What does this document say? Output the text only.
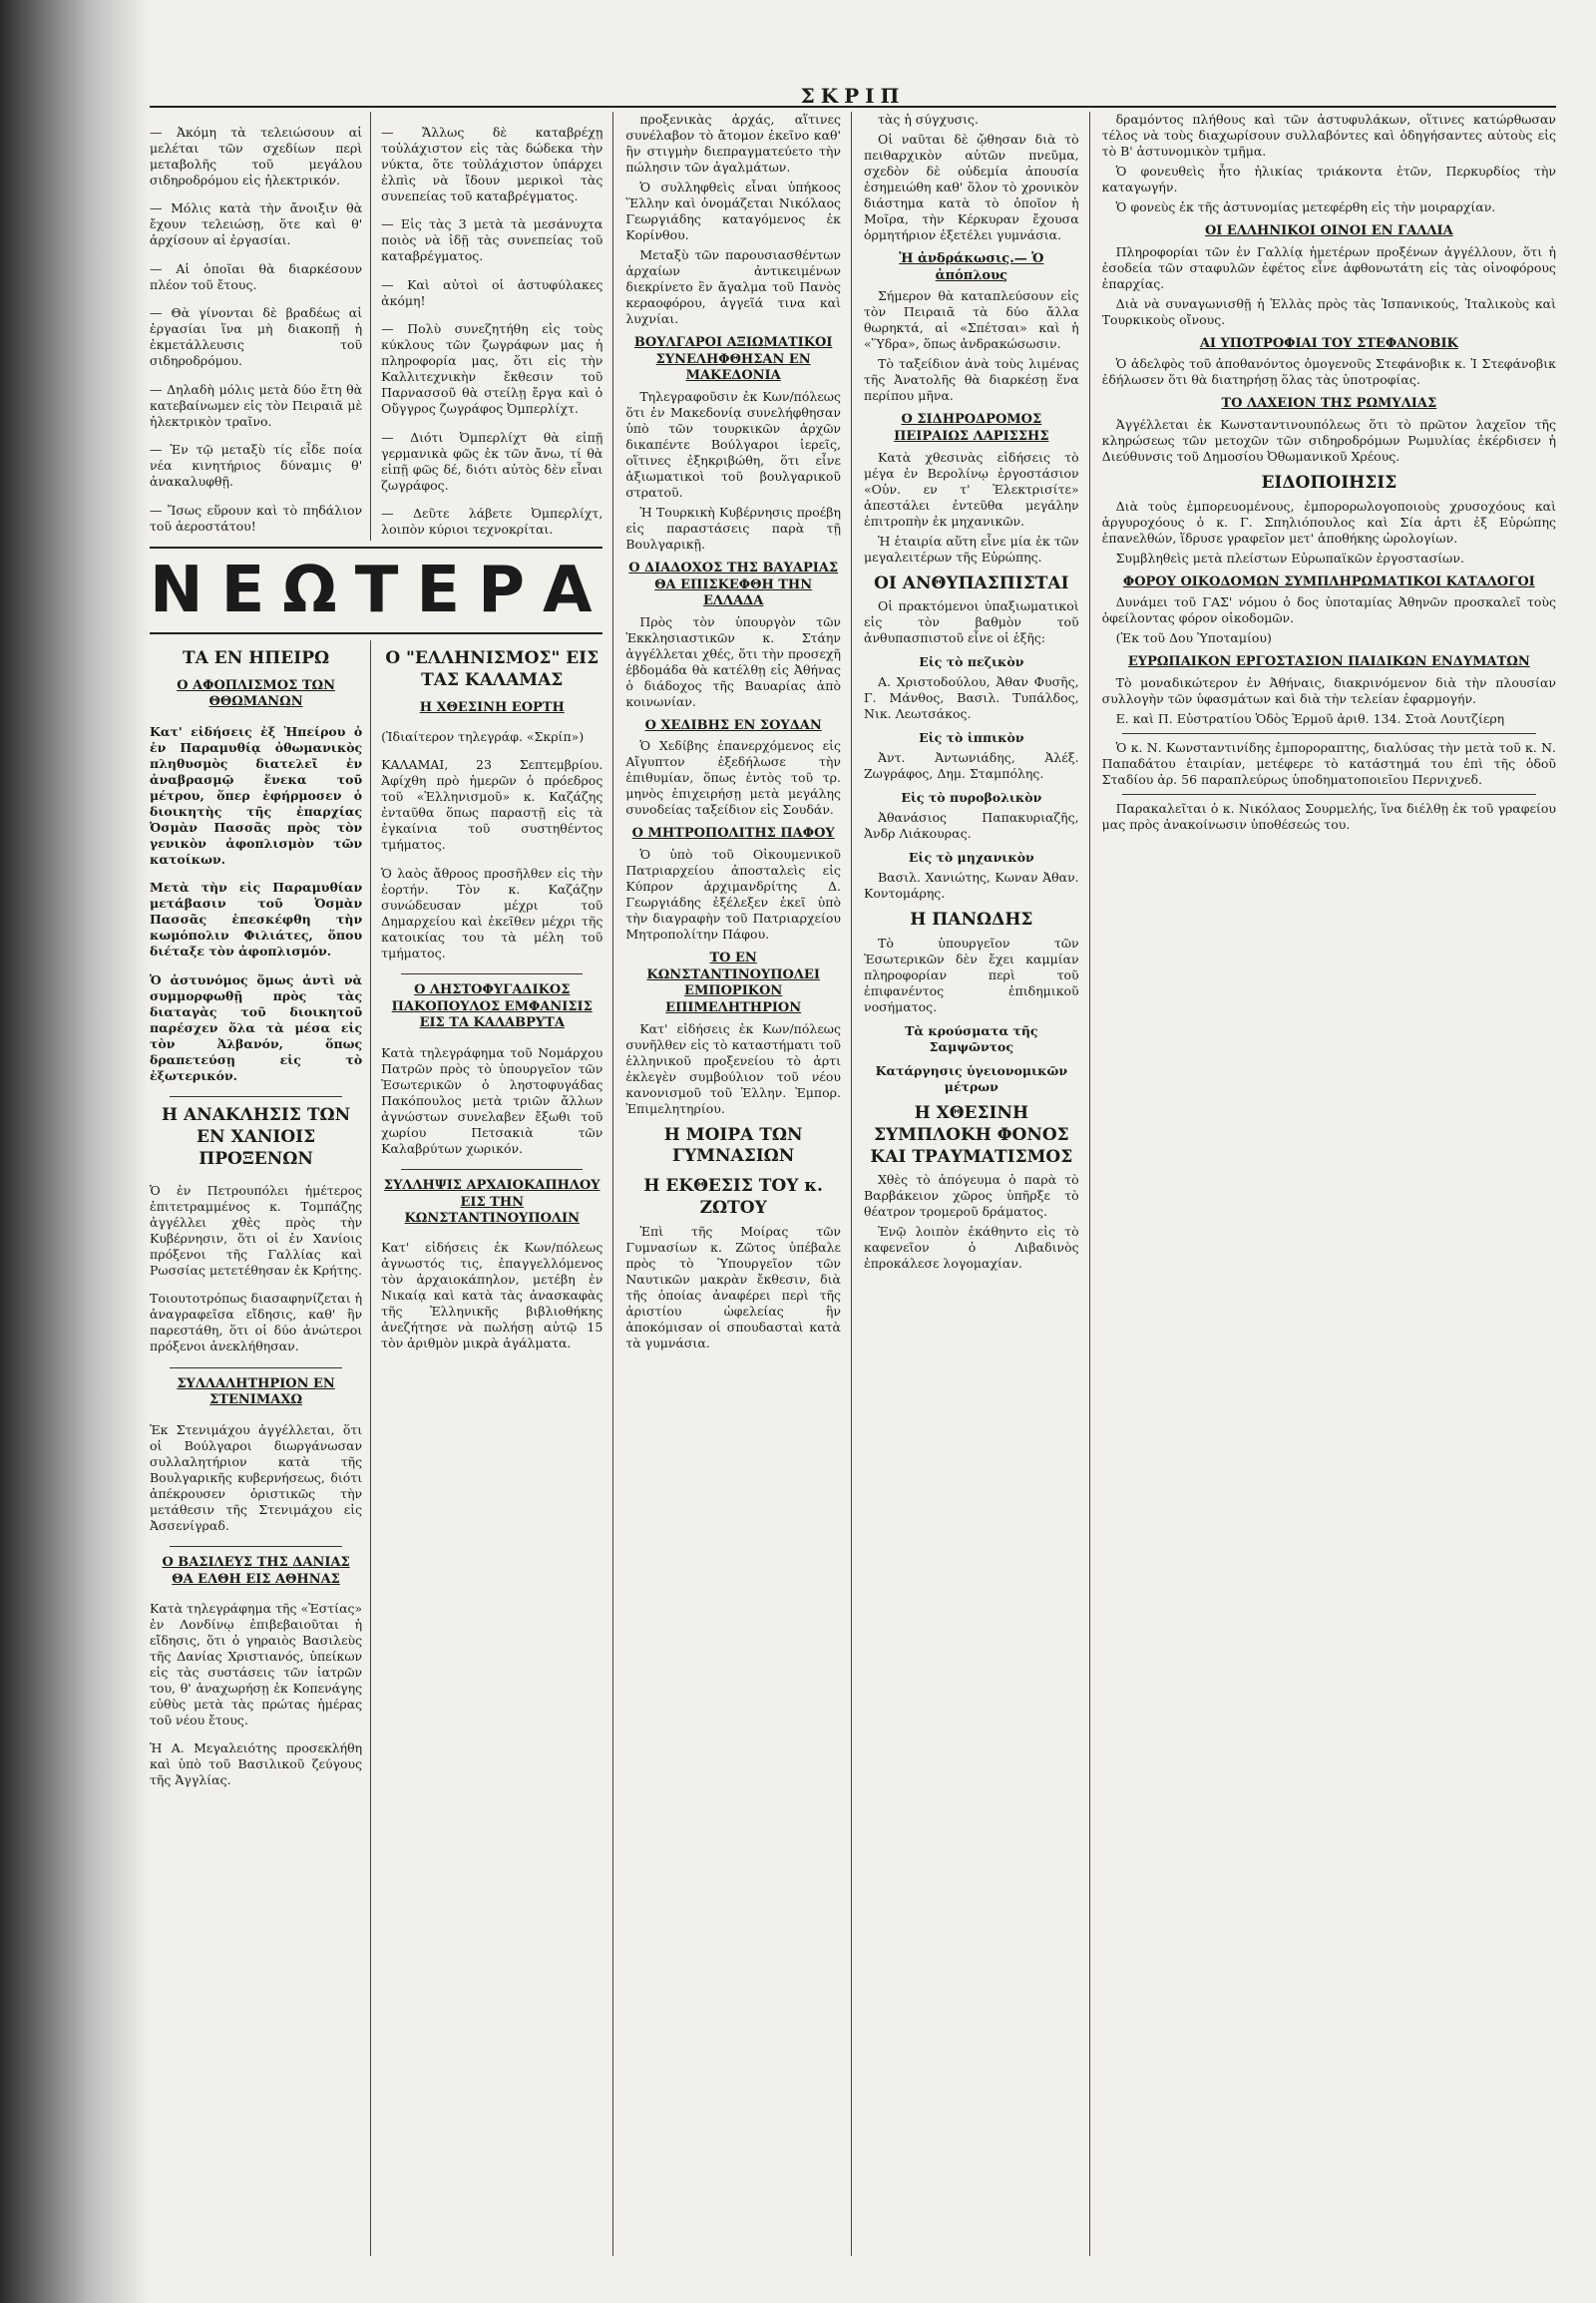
ΣΚΡΙΠ

— Ἀκόμη τὰ τελειώσουν αἱ μελέται τῶν σχεδίων περὶ μεταβολῆς τοῦ μεγάλου σιδηροδρόμου εἰς ἠλεκτρικόν.

— Μόλις κατὰ τὴν ἄνοιξιν θὰ ἔχουν τελειώσῃ, ὅτε καὶ θ' ἀρχίσουν αἱ ἐργασίαι.

— Αἱ ὁποῖαι θὰ διαρκέσουν πλέον τοῦ ἔτους.

— Θὰ γίνονται δὲ βραδέως αἱ ἐργασίαι ἵνα μὴ διακοπῇ ἡ ἐκμετάλλευσις τοῦ σιδηροδρόμου.

— Δηλαδὴ μόλις μετὰ δύο ἔτη θὰ κατεβαίνωμεν εἰς τὸν Πειραιᾶ μὲ ἠλεκτρικὸν τραῖνο.

— Ἐν τῷ μεταξὺ τίς εἶδε ποία νέα κινητήριος δύναμις θ' ἀνακαλυφθῇ.

— Ἴσως εὕρουν καὶ τὸ πηδάλιον τοῦ ἀεροστάτου!

— Ἄλλως δὲ καταβρέχῃ τοὐλάχιστον εἰς τὰς δώδεκα τὴν νύκτα, ὅτε τοὐλάχιστον ὑπάρχει ἐλπὶς νὰ ἴδουν μερικοὶ τὰς συνεπείας τοῦ καταβρέγματος.

— Εἰς τὰς 3 μετὰ τὰ μεσάνυχτα ποιὸς νὰ ἰδῇ τὰς συνεπείας τοῦ καταβρέγματος.

— Καὶ αὐτοὶ οἱ ἀστυφύλακες ἀκόμη!

— Πολὺ συνεζητήθη εἰς τοὺς κύκλους τῶν ζωγράφων μας ἡ πληροφορία μας, ὅτι εἰς τὴν Καλλιτεχνικὴν ἔκθεσιν τοῦ Παρνασσοῦ θὰ στείλῃ ἔργα καὶ ὁ Οὔγγρος ζωγράφος Ὀμπερλίχτ.

— Διότι Ὀμπερλίχτ θὰ εἰπῇ γερμανικὰ φῶς ἐκ τῶν ἄνω, τί θὰ εἰπῇ φῶς δέ, διότι αὐτὸς δὲν εἶναι ζωγράφος.

— Δεῦτε λάβετε Ὀμπερλίχτ, λοιπὸν κύριοι τεχνοκρίται.

ΝΕΩΤΕΡΑ
ΤΑ ΕΝ ΗΠΕΙΡΩ
Ο ΑΦΟΠΛΙΣΜΟΣ ΤΩΝ ΘΘΩΜΑΝΩΝ

Κατ' εἰδήσεις ἐξ Ἠπείρου ὁ ἐν Παραμυθίᾳ ὀθωμανικὸς πληθυσμὸς διατελεῖ ἐν ἀναβρασμῷ ἕνεκα τοῦ μέτρου, ὅπερ ἐφήρμοσεν ὁ διοικητὴς τῆς ἐπαρχίας Ὀσμὰν Πασσᾶς πρὸς τὸν γενικὸν ἀφοπλισμὸν τῶν κατοίκων.

Μετὰ τὴν εἰς Παραμυθίαν μετάβασιν τοῦ Ὀσμὰν Πασσᾶς ἐπεσκέφθη τὴν κωμόπολιν Φιλιάτες, ὅπου διέταξε τὸν ἀφοπλισμόν.

Ὁ ἀστυνόμος ὅμως ἀντὶ νὰ συμμορφωθῇ πρὸς τὰς διαταγὰς τοῦ διοικητοῦ παρέσχεν ὅλα τὰ μέσα εἰς τὸν Ἀλβανόν, ὅπως δραπετεύσῃ εἰς τὸ ἐξωτερικόν.

Η ΑΝΑΚΛΗΣΙΣ ΤΩΝ ΕΝ ΧΑΝΙΟΙΣ ΠΡΟΞΕΝΩΝ

Ὁ ἐν Πετρουπόλει ἡμέτερος ἐπιτετραμμένος κ. Τομπάζης ἀγγέλλει χθὲς πρὸς τὴν Κυβέρνησιν, ὅτι οἱ ἐν Χανίοις πρόξενοι τῆς Γαλλίας καὶ Ρωσσίας μετετέθησαν ἐκ Κρήτης.

Τοιουτοτρόπως διασαφηνίζεται ἡ ἀναγραφεῖσα εἴδησις, καθ' ἣν παρεστάθη, ὅτι οἱ δύο ἀνώτεροι πρόξενοι ἀνεκλήθησαν.

ΣΥΛΛΑΛΗΤΗΡΙΟΝ ΕΝ ΣΤΕΝΙΜΑΧΩ

Ἐκ Στενιμάχου ἀγγέλλεται, ὅτι οἱ Βούλγαροι διωργάνωσαν συλλαλητήριον κατὰ τῆς Βουλγαρικῆς κυβερνήσεως, διότι ἀπέκρουσεν ὁριστικῶς τὴν μετάθεσιν τῆς Στενιμάχου εἰς Ἀσσενίγραδ.

Ο ΒΑΣΙΛΕΥΣ ΤΗΣ ΔΑΝΙΑΣ ΘΑ ΕΛΘΗ ΕΙΣ ΑΘΗΝΑΣ

Κατὰ τηλεγράφημα τῆς «Ἑστίας» ἐν Λονδίνῳ ἐπιβεβαιοῦται ἡ εἴδησις, ὅτι ὁ γηραιὸς Βασιλεὺς τῆς Δανίας Χριστιανός, ὑπείκων εἰς τὰς συστάσεις τῶν ἰατρῶν του, θ' ἀναχωρήσῃ ἐκ Κοπενάγης εὐθὺς μετὰ τὰς πρώτας ἡμέρας τοῦ νέου ἔτους.

Ἡ Α. Μεγαλειότης προσεκλήθη καὶ ὑπὸ τοῦ Βασιλικοῦ ζεύγους τῆς Ἀγγλίας.

Ο "ΕΛΛΗΝΙΣΜΟΣ" ΕΙΣ ΤΑΣ ΚΑΛΑΜΑΣ
Η ΧΘΕΣΙΝΗ ΕΟΡΤΗ

(Ἰδιαίτερον τηλεγράφ. «Σκρίπ»)

ΚΑΛΑΜΑΙ, 23 Σεπτεμβρίου. Ἀφίχθη πρὸ ἡμερῶν ὁ πρόεδρος τοῦ «Ἑλληνισμοῦ» κ. Καζάζης ἐνταῦθα ὅπως παραστῇ εἰς τὰ ἐγκαίνια τοῦ συστηθέντος τμήματος.

Ὁ λαὸς ἄθροος προσῆλθεν εἰς τὴν ἑορτήν. Τὸν κ. Καζάζην συνώδευσαν μέχρι τοῦ Δημαρχείου καὶ ἐκεῖθεν μέχρι τῆς κατοικίας του τὰ μέλη τοῦ τμήματος.

Ο ΛΗΣΤΟΦΥΓΑΔΙΚΟΣ ΠΑΚΟΠΟΥΛΟΣ ΕΜΦΑΝΙΣΙΣ ΕΙΣ ΤΑ ΚΑΛΑΒΡΥΤΑ

Κατὰ τηλεγράφημα τοῦ Νομάρχου Πατρῶν πρὸς τὸ ὑπουργεῖον τῶν Ἐσωτερικῶν ὁ ληστοφυγάδας Πακόπουλος μετὰ τριῶν ἄλλων ἀγνώστων συνελαβεν ἔξωθι τοῦ χωρίου Πετσακιὰ τῶν Καλαβρύτων χωρικόν.

ΣΥΛΛΗΨΙΣ ΑΡΧΑΙΟΚΑΠΗΛΟΥ ΕΙΣ ΤΗΝ ΚΩΝΣΤΑΝΤΙΝΟΥΠΟΛΙΝ

Κατ' εἰδήσεις ἐκ Κων/πόλεως ἀγνωστός τις, ἐπαγγελλόμενος τὸν ἀρχαιοκάπηλον, μετέβη ἐν Νικαίᾳ καὶ κατὰ τὰς ἀνασκαφὰς τῆς Ἑλληνικῆς βιβλιοθήκης ἀνεζήτησε νὰ πωλήσῃ αὐτῷ 15 τὸν ἀριθμὸν μικρὰ ἀγάλματα.

προξενικὰς ἀρχάς, αἵτινες συνέλαβον τὸ ἄτομον ἐκεῖνο καθ' ἣν στιγμὴν διεπραγματεύετο τὴν πώλησιν τῶν ἀγαλμάτων.

Ὁ συλληφθεὶς εἶναι ὑπήκοος Ἕλλην καὶ ὀνομάζεται Νικόλαος Γεωργιάδης καταγόμενος ἐκ Κορίνθου.

Μεταξὺ τῶν παρουσιασθέντων ἀρχαίων ἀντικειμένων διεκρίνετο ἓν ἄγαλμα τοῦ Πανὸς κεραοφόρου, ἀγγεῖά τινα καὶ λυχνίαι.

ΒΟΥΛΓΑΡΟΙ ΑΞΙΩΜΑΤΙΚΟΙ ΣΥΝΕΛΗΦΘΗΣΑΝ ΕΝ ΜΑΚΕΔΟΝΙΑ

Τηλεγραφοῦσιν ἐκ Κων/πόλεως ὅτι ἐν Μακεδονίᾳ συνελήφθησαν ὑπὸ τῶν τουρκικῶν ἀρχῶν δικαπέντε Βούλγαροι ἱερεῖς, οἵτινες ἐξηκριβώθη, ὅτι εἶνε ἀξιωματικοὶ τοῦ βουλγαρικοῦ στρατοῦ.

Ἡ Τουρκικὴ Κυβέρνησις προέβη εἰς παραστάσεις παρὰ τῇ Βουλγαρικῇ.

Ο ΔΙΑΔΟΧΟΣ ΤΗΣ ΒΑΥΑΡΙΑΣ ΘΑ ΕΠΙΣΚΕΦΘΗ ΤΗΝ ΕΛΛΑΔΑ

Πρὸς τὸν ὑπουργὸν τῶν Ἐκκλησιαστικῶν κ. Στάην ἀγγέλλεται χθές, ὅτι τὴν προσεχῆ ἑβδομάδα θὰ κατέλθῃ εἰς Ἀθήνας ὁ διάδοχος τῆς Βαυαρίας ἀπὸ κοινωνίαν.

Ο ΧΕΔΙΒΗΣ ΕΝ ΣΟΥΔΑΝ

Ὁ Χεδίβης ἐπανερχόμενος εἰς Αἴγυπτον ἐξεδήλωσε τὴν ἐπιθυμίαν, ὅπως ἐντὸς τοῦ τρ. μηνὸς ἐπιχειρήσῃ μετὰ μεγάλης συνοδείας ταξείδιον εἰς Σουδάν.

Ο ΜΗΤΡΟΠΟΛΙΤΗΣ ΠΑΦΟΥ

Ὁ ὑπὸ τοῦ Οἰκουμενικοῦ Πατριαρχείου ἀποσταλεὶς εἰς Κύπρον ἀρχιμανδρίτης Δ. Γεωργιάδης ἐξέλεξεν ἐκεῖ ὑπὸ τὴν διαγραφὴν τοῦ Πατριαρχείου Μητροπολίτην Πάφου.

ΤΟ ΕΝ ΚΩΝΣΤΑΝΤΙΝΟΥΠΟΛΕΙ ΕΜΠΟΡΙΚΟΝ ΕΠΙΜΕΛΗΤΗΡΙΟΝ

Κατ' εἰδήσεις ἐκ Κων/πόλεως συνῆλθεν εἰς τὸ καταστήματι τοῦ ἑλληνικοῦ προξενείου τὸ ἀρτι ἐκλεγὲν συμβούλιον τοῦ νέου κανονισμοῦ τοῦ Ἑλλην. Ἐμπορ. Ἐπιμελητηρίου.

Η ΜΟΙΡΑ ΤΩΝ ΓΥΜΝΑΣΙΩΝ
Η ΕΚΘΕΣΙΣ ΤΟΥ κ. ΖΩΤΟΥ

Ἐπὶ τῆς Μοίρας τῶν Γυμνασίων κ. Ζῶτος ὑπέβαλε πρὸς τὸ Ὑπουργεῖον τῶν Ναυτικῶν μακρὰν ἔκθεσιν, διὰ τῆς ὁποίας ἀναφέρει περὶ τῆς ἀριστίου ὠφελείας ἣν ἀποκόμισαν οἱ σπουδασταὶ κατὰ τὰ γυμνάσια.

τὰς ἡ σύγχυσις.

Οἱ ναῦται δὲ ᾤθησαν διὰ τὸ πειθαρχικὸν αὐτῶν πνεῦμα, σχεδὸν δὲ οὐδεμία ἀπουσία ἐσημειώθη καθ' ὅλον τὸ χρονικὸν διάστημα κατὰ τὸ ὁποῖον ἡ Μοῖρα, τὴν Κέρκυραν ἔχουσα ὁρμητήριον ἐξετέλει γυμνάσια.

Ἡ ἀνδράκωσις.— Ὁ ἀπόπλους

Σήμερον θὰ καταπλεύσουν εἰς τὸν Πειραιᾶ τὰ δύο ἄλλα θωρηκτά, αἱ «Σπέτσαι» καὶ ἡ «Ὕδρα», ὅπως ἀνδρακώσωσιν.

Τὸ ταξείδιον ἀνὰ τοὺς λιμένας τῆς Ἀνατολῆς θὰ διαρκέσῃ ἕνα περίπου μῆνα.

Ο ΣΙΔΗΡΟΔΡΟΜΟΣ ΠΕΙΡΑΙΩΣ ΛΑΡΙΣΣΗΣ

Κατὰ χθεσινὰς εἰδήσεις τὸ μέγα ἐν Βερολίνῳ ἐργοστάσιον «Οὐν. εν τ' Ἐλεκτρισίτε» ἀπεστάλει ἐντεῦθα μεγάλην ἐπιτροπὴν ἐκ μηχανικῶν.

Ἡ ἑταιρία αὕτη εἶνε μία ἐκ τῶν μεγαλειτέρων τῆς Εὐρώπης.

ΟΙ ΑΝΘΥΠΑΣΠΙΣΤΑΙ

Οἱ πρακτόμενοι ὑπαξιωματικοὶ εἰς τὸν βαθμὸν τοῦ ἀνθυπασπιστοῦ εἶνε οἱ ἑξῆς:

Εἰς τὸ πεζικὸν

Α. Χριστοδούλου, Ἀθαν Φυσῆς, Γ. Μάνθος, Βασιλ. Τυπάλδος, Νικ. Λεωτσάκος.

Εἰς τὸ ἱππικὸν

Ἀντ. Ἀντωνιάδης, Ἀλέξ. Ζωγράφος, Δημ. Σταμπόλης.

Εἰς τὸ πυροβολικὸν

Ἀθανάσιος Παπακυριαζῆς, Ἀνδρ Λιάκουρας.

Εἰς τὸ μηχανικὸν

Βασιλ. Χανιώτης, Κωναν Ἀθαν. Κοντομάρης.

Η ΠΑΝΩΔΗΣ

Τὸ ὑπουργεῖον τῶν Ἐσωτερικῶν δὲν ἔχει καμμίαν πληροφορίαν περὶ τοῦ ἐπιφανέντος ἐπιδημικοῦ νοσήματος.

Τὰ κρούσματα τῆς Σαμψῶντος
Κατάργησις ὑγειονομικῶν μέτρων
Η ΧΘΕΣΙΝΗ ΣΥΜΠΛΟΚΗ ΦΟΝΟΣ ΚΑΙ ΤΡΑΥΜΑΤΙΣΜΟΣ

Χθὲς τὸ ἀπόγευμα ὁ παρὰ τὸ Βαρβάκειον χῶρος ὑπῆρξε τὸ θέατρον τρομεροῦ δράματος.

Ἐνῷ λοιπὸν ἐκάθηντο εἰς τὸ καφενεῖον ὁ Λιβαδινὸς ἐπροκάλεσε λογομαχίαν.

δραμόντος πλήθους καὶ τῶν ἀστυφυλάκων, οἵτινες κατώρθωσαν τέλος νὰ τοὺς διαχωρίσουν συλλαβόντες καὶ ὁδηγήσαντες αὐτοὺς εἰς τὸ Β' ἀστυνομικὸν τμῆμα.

Ὁ φονευθεὶς ἦτο ἡλικίας τριάκοντα ἐτῶν, Περκυρδίος τὴν καταγωγήν.

Ὁ φονεὺς ἐκ τῆς ἀστυνομίας μετεφέρθη εἰς τὴν μοιραρχίαν.

ΟΙ ΕΛΛΗΝΙΚΟΙ ΟΙΝΟΙ ΕΝ ΓΑΛΛΙΑ

Πληροφορίαι τῶν ἐν Γαλλίᾳ ἡμετέρων προξένων ἀγγέλλουν, ὅτι ἡ ἐσοδεία τῶν σταφυλῶν ἐφέτος εἶνε ἀφθονωτάτη εἰς τὰς οἰνοφόρους ἐπαρχίας.

Διὰ νὰ συναγωνισθῇ ἡ Ἑλλὰς πρὸς τὰς Ἰσπανικούς, Ἰταλικοὺς καὶ Τουρκικοὺς οἴνους.

ΑΙ ΥΠΟΤΡΟΦΙΑΙ ΤΟΥ ΣΤΕΦΑΝΟΒΙΚ

Ὁ ἀδελφὸς τοῦ ἀποθανόντος ὁμογενοῦς Στεφάνοβικ κ. Ἰ Στεφάνοβικ ἐδήλωσεν ὅτι θὰ διατηρήσῃ ὅλας τὰς ὑποτροφίας.

ΤΟ ΛΑΧΕΙΟΝ ΤΗΣ ΡΩΜΥΛΙΑΣ

Ἀγγέλλεται ἐκ Κωνσταντινουπόλεως ὅτι τὸ πρῶτον λαχεῖον τῆς κληρώσεως τῶν μετοχῶν τῶν σιδηροδρόμων Ρωμυλίας ἐκέρδισεν ἡ Διεύθυνσις τοῦ Δημοσίου Ὀθωμανικοῦ Χρέους.

ΕΙΔΟΠΟΙΗΣΙΣ

Διὰ τοὺς ἐμπορευομένους, ἐμπορορωλογοποιοὺς χρυσοχόους καὶ ἀργυροχόους ὁ κ. Γ. Σπηλιόπουλος καὶ Σία ἀρτι ἐξ Εὐρώπης ἐπανελθών, ἵδρυσε γραφεῖον μετ' ἀποθήκης ὡρολογίων.

Συμβληθεὶς μετὰ πλείστων Εὐρωπαϊκῶν ἐργοστασίων.

ΦΟΡΟΥ ΟΙΚΟΔΟΜΩΝ ΣΥΜΠΛΗΡΩΜΑΤΙΚΟΙ ΚΑΤΑΛΟΓΟΙ

Δυνάμει τοῦ ΓΑΣ' νόμου ὁ δος ὑποταμίας Ἀθηνῶν προσκαλεῖ τοὺς ὀφείλοντας φόρον οἰκοδομῶν.

(Ἐκ τοῦ Δου Ὑποταμίου)

ΕΥΡΩΠΑΙΚΟΝ ΕΡΓΟΣΤΑΣΙΟΝ ΠΑΙΔΙΚΩΝ ΕΝΔΥΜΑΤΩΝ

Τὸ μοναδικώτερον ἐν Ἀθήναις, διακρινόμενον διὰ τὴν πλουσίαν συλλογὴν τῶν ὑφασμάτων καὶ διὰ τὴν τελείαν ἐφαρμογήν.

Ε. καὶ Π. Εὐστρατίου Ὁδὸς Ἑρμοῦ ἀριθ. 134. Στοὰ Λουτζίερη

Ὁ κ. Ν. Κωνσταντινίδης ἐμποροραπτης, διαλύσας τὴν μετὰ τοῦ κ. Ν. Παπαδάτου ἑταιρίαν, μετέφερε τὸ κατάστημά του ἐπὶ τῆς ὁδοῦ Σταδίου ἀρ. 56 παραπλεύρως ὑποδηματοποιεῖου Περνιχνεδ.

Παρακαλεῖται ὁ κ. Νικόλαος Σουρμελής, ἵνα διέλθῃ ἐκ τοῦ γραφείου μας πρὸς ἀνακοίνωσιν ὑποθέσεώς του.
